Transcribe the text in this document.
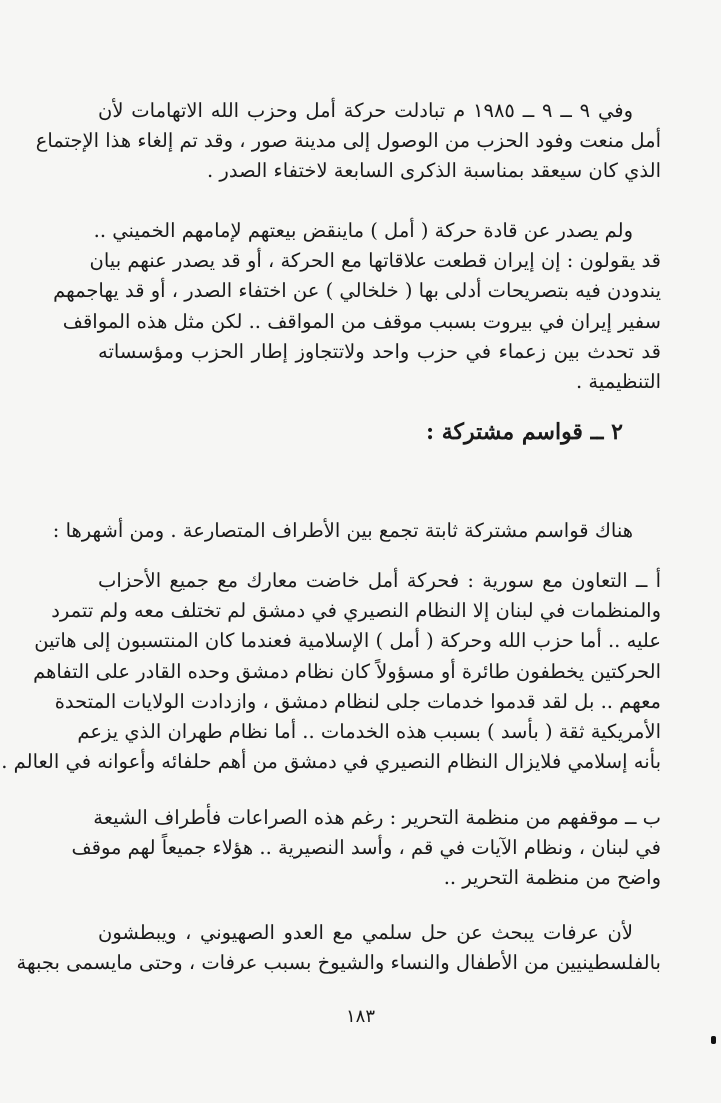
وفي ٩ ــ ٩ ــ ١٩٨٥ م تبادلت حركة أمل وحزب الله الاتهامات لأن
أمل منعت وفود الحزب من الوصول إلى مدينة صور ، وقد تم إلغاء هذا الإجتماع
الذي كان سيعقد بمناسبة الذكرى السابعة لاختفاء الصدر .
ولم يصدر عن قادة حركة ( أمل ) ماينقض بيعتهم لإمامهم الخميني ..
قد يقولون : إن إيران قطعت علاقاتها مع الحركة ، أو قد يصدر عنهم بيان
يندودن فيه بتصريحات أدلى بها ( خلخالي ) عن اختفاء الصدر ، أو قد يهاجمهم
سفير إيران في بيروت بسبب موقف من المواقف .. لكن مثل هذه المواقف
قد تحدث بين زعماء في حزب واحد ولاتتجاوز إطار الحزب ومؤسساته
التنظيمية .
٢ ــ قواسم مشتركة :
هناك قواسم مشتركة ثابتة تجمع بين الأطراف المتصارعة . ومن أشهرها :
أ ــ التعاون مع سورية : فحركة أمل خاضت معارك مع جميع الأحزاب
والمنظمات في لبنان إلا النظام النصيري في دمشق لم تختلف معه ولم تتمرد
عليه .. أما حزب الله وحركة ( أمل ) الإسلامية فعندما كان المنتسبون إلى هاتين
الحركتين يخطفون طائرة أو مسؤولاً كان نظام دمشق وحده القادر على التفاهم
معهم .. بل لقد قدموا خدمات جلى لنظام دمشق ، وازدادت الولايات المتحدة
الأمريكية ثقة ( بأسد ) بسبب هذه الخدمات .. أما نظام طهران الذي يزعم
بأنه إسلامي فلايزال النظام النصيري في دمشق من أهم حلفائه وأعوانه في العالم .
ب ــ موقفهم من منظمة التحرير : رغم هذه الصراعات فأطراف الشيعة
في لبنان ، ونظام الآيات في قم ، وأسد النصيرية .. هؤلاء جميعاً لهم موقف
واضح من منظمة التحرير ..
لأن عرفات يبحث عن حل سلمي مع العدو الصهيوني ، ويبطشون
بالفلسطينيين من الأطفال والنساء والشيوخ بسبب عرفات ، وحتى مايسمى بجبهة
١٨٣
